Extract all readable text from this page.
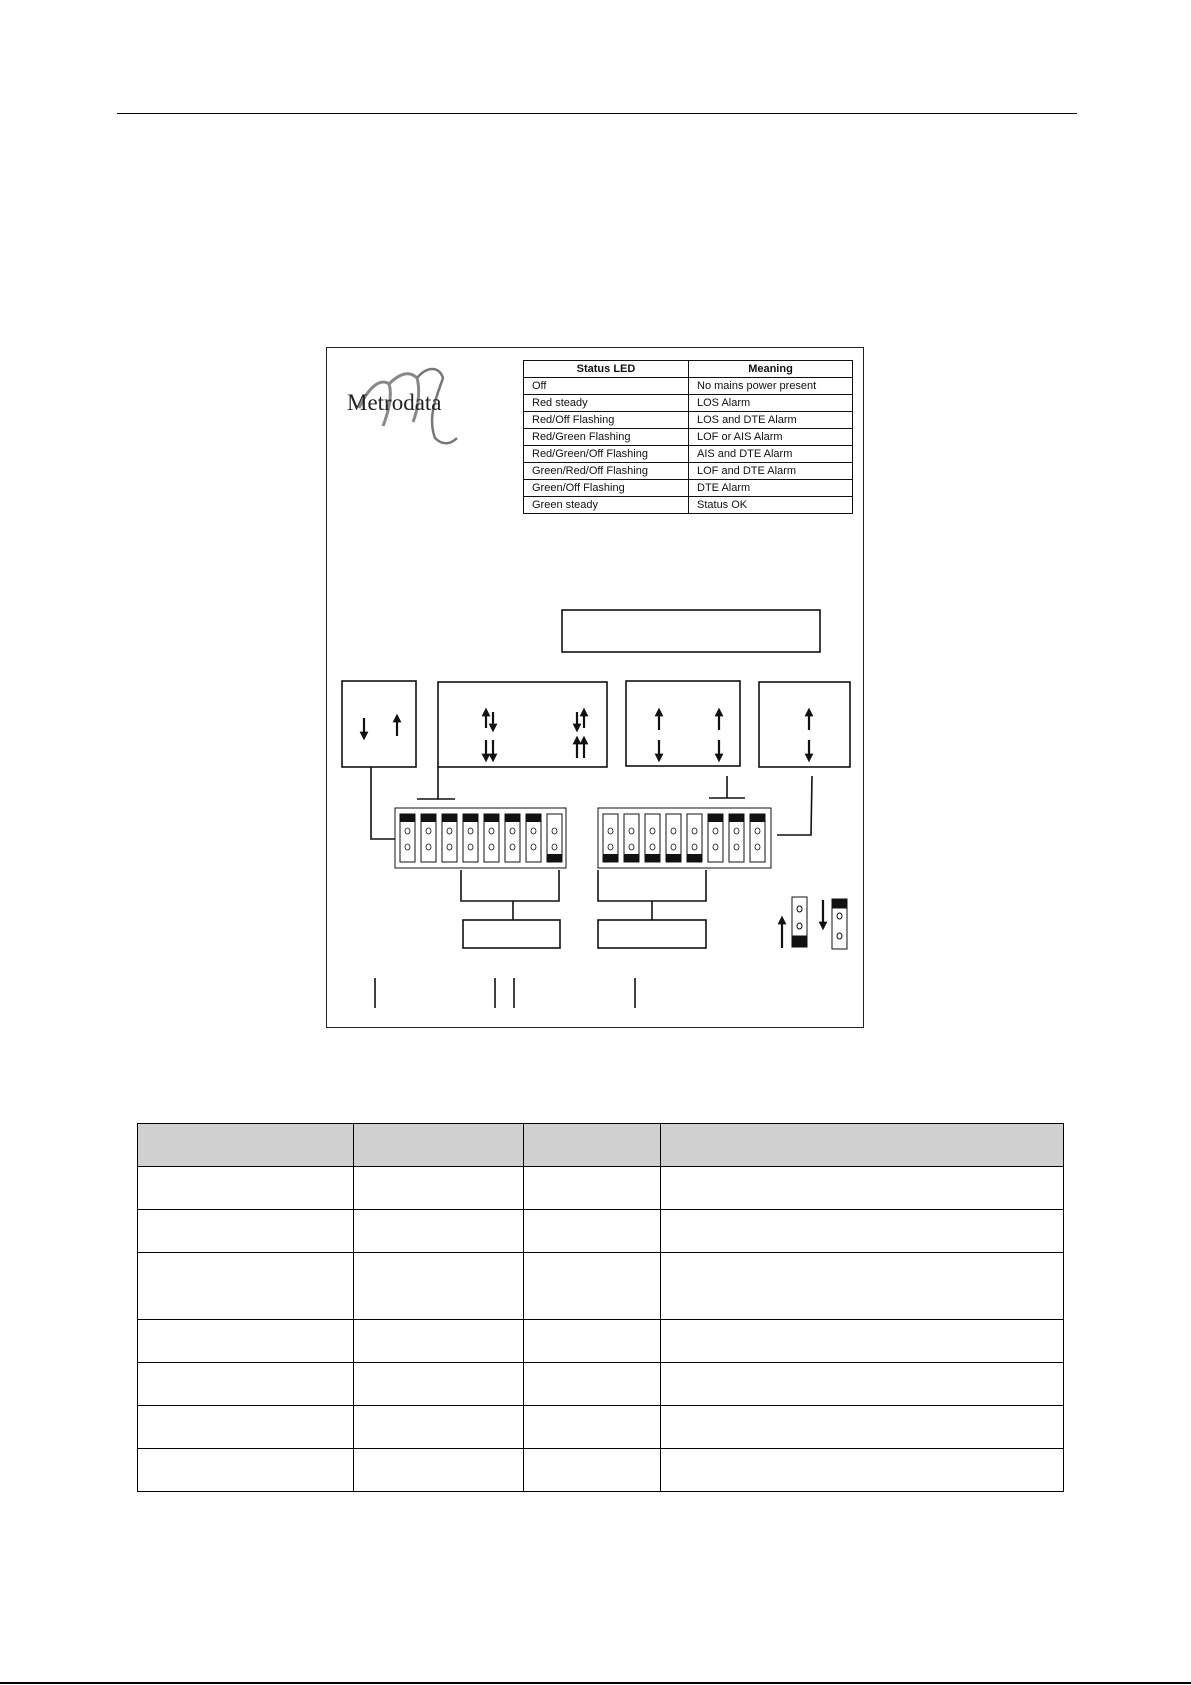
Metrodata
Status LED	Meaning
Off	No mains power present
Red steady	LOS Alarm
Red/Off Flashing	LOS and DTE Alarm
Red/Green Flashing	LOF or AIS Alarm
Red/Green/Off Flashing	AIS and DTE Alarm
Green/Red/Off Flashing	LOF and DTE Alarm
Green/Off Flashing	DTE Alarm
Green steady	Status OK
